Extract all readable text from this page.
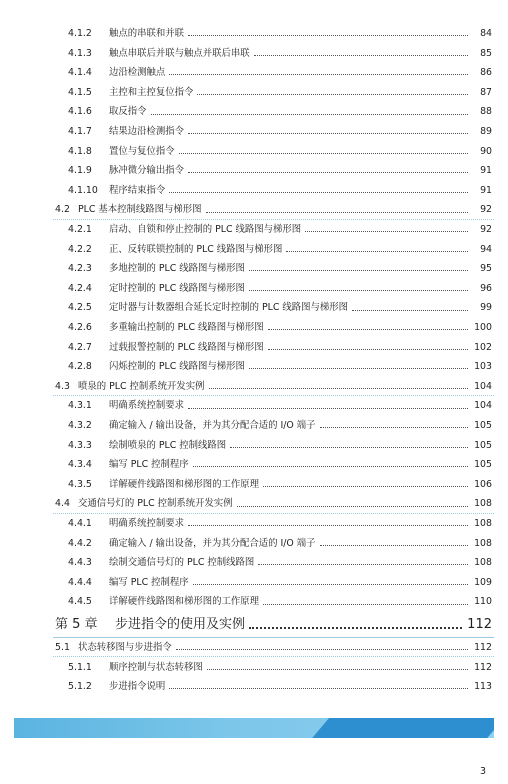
4.1.2	触点的串联和并联	84
4.1.3	触点串联后并联与触点并联后串联	85
4.1.4	边沿检测触点	86
4.1.5	主控和主控复位指令	87
4.1.6	取反指令	88
4.1.7	结果边沿检测指令	89
4.1.8	置位与复位指令	90
4.1.9	脉冲微分输出指令	91
4.1.10 程序结束指令	91
4.2 PLC 基本控制线路图与梯形图	92
4.2.1	启动、自锁和停止控制的 PLC 线路图与梯形图	92
4.2.2	正、反转联锁控制的 PLC 线路图与梯形图	94
4.2.3	多地控制的 PLC 线路图与梯形图	95
4.2.4	定时控制的 PLC 线路图与梯形图	96
4.2.5	定时器与计数器组合延长定时控制的 PLC 线路图与梯形图	99
4.2.6	多重输出控制的 PLC 线路图与梯形图	100
4.2.7	过载报警控制的 PLC 线路图与梯形图	102
4.2.8	闪烁控制的 PLC 线路图与梯形图	103
4.3 喷泉的 PLC 控制系统开发实例	104
4.3.1	明确系统控制要求	104
4.3.2	确定输入 / 输出设备，并为其分配合适的 I/O 端子	105
4.3.3	绘制喷泉的 PLC 控制线路图	105
4.3.4	编写 PLC 控制程序	105
4.3.5	详解硬件线路图和梯形图的工作原理	106
4.4 交通信号灯的 PLC 控制系统开发实例	108
4.4.1	明确系统控制要求	108
4.4.2	确定输入 / 输出设备，并为其分配合适的 I/O 端子	108
4.4.3	绘制交通信号灯的 PLC 控制线路图	108
4.4.4	编写 PLC 控制程序	109
4.4.5	详解硬件线路图和梯形图的工作原理	110
第 5 章	步进指令的使用及实例	112
5.1 状态转移图与步进指令	112
5.1.1	顺序控制与状态转移图	112
5.1.2	步进指令说明	113
3
